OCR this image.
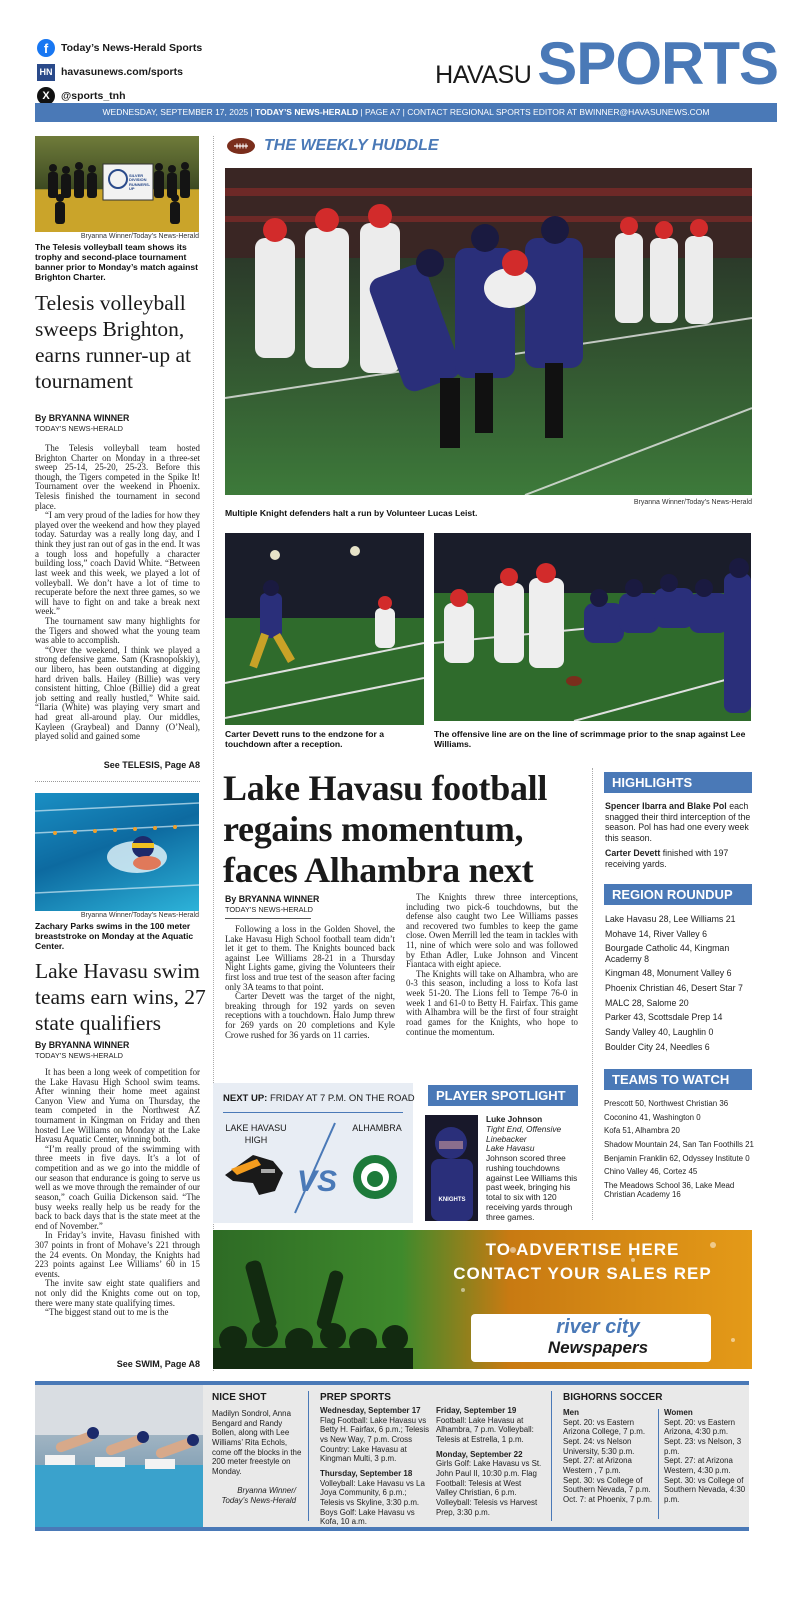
f	Today’s News-Herald Sports
HN havasunews.com/sports
X	@sports_tnh
HAVASU SPORTS
WEDNESDAY, SEPTEMBER 17, 2025 | TODAY’S NEWS-HERALD | PAGE A7 | CONTACT REGIONAL SPORTS EDITOR AT BWINNER@HAVASUNEWS.COM
SILVER DIVISION RUNNERS-UP
Bryanna Winner/Today’s News-Herald
The Telesis volleyball team shows its trophy and second-place tournament banner prior to Monday’s match against Brighton Charter.
Telesis volleyball sweeps Brighton, earns runner-up at tournament
By BRYANNA WINNER
TODAY’S NEWS-HERALD

The Telesis volleyball team hosted Brighton Charter on Monday in a three-set sweep 25-14, 25-20, 25-23. Before this though, the Tigers competed in the Spike It! Tournament over the weekend in Phoenix. Telesis finished the tournament in second place.

“I am very proud of the ladies for how they played over the weekend and how they played today. Saturday was a really long day, and I think they just ran out of gas in the end. It was a tough loss and hopefully a character building loss,” coach David White. “Between last week and this week, we played a lot of volleyball. We don’t have a lot of time to recuperate before the next three games, so we will have to fight on and take a break next week.”

The tournament saw many highlights for the Tigers and showed what the young team was able to accomplish.

“Over the weekend, I think we played a strong defensive game. Sam (Krasnopolskiy), our libero, has been outstanding at digging hard driven balls. Hailey (Billie) was very consistent hitting, Chloe (Billie) did a great job setting and really hustled,” White said. “Ilaria (White) was playing very smart and had great all-around play. Our middles, Kayleen (Graybeal) and Danny (O’Neal), played solid and gained some

See TELESIS, Page A8
Bryanna Winner/Today’s News-Herald
Zachary Parks swims in the 100 meter breaststroke on Monday at the Aquatic Center.
Lake Havasu swim teams earn wins, 27 state qualifiers
By BRYANNA WINNER
TODAY’S NEWS-HERALD

It has been a long week of competition for the Lake Havasu High School swim teams. After winning their home meet against Canyon View and Yuma on Thursday, the team competed in the Northwest AZ tournament in Kingman on Friday and then hosted Lee Williams on Monday at the Lake Havasu Aquatic Center, winning both.

“I’m really proud of the swimming with three meets in five days. It’s a lot of competition and as we go into the middle of our season that endurance is going to serve us well as we move through the remainder of our season,” coach Guilia Dickenson said. “The busy weeks really help us be ready for the back to back days that is the state meet at the end of November.”

In Friday’s invite, Havasu finished with 307 points in front of Mohave’s 221 through the 24 events. On Monday, the Knights had 223 points against Lee Williams’ 60 in 15 events.

The invite saw eight state qualifiers and not only did the Knights come out on top, there were many state qualifying times.

“The biggest stand out to me is the

See SWIM, Page A8
THE WEEKLY HUDDLE
Bryanna Winner/Today’s News-Herald
Multiple Knight defenders halt a run by Volunteer Lucas Leist.
Carter Devett runs to the endzone for a touchdown after a reception.
The offensive line are on the line of scrimmage prior to the snap against Lee Williams.
Lake Havasu football regains momentum, faces Alhambra next
By BRYANNA WINNER
TODAY’S NEWS-HERALD

Following a loss in the Golden Shovel, the Lake Havasu High School football team didn’t let it get to them. The Knights bounced back against Lee Williams 28-21 in a Thursday Night Lights game, giving the Volunteers their first loss and true test of the season after facing only 3A teams to that point.

Carter Devett was the target of the night, breaking through for 192 yards on seven receptions with a touchdown. Halo Jump threw for 269 yards on 20 completions and Kyle Crowe rushed for 36 yards on 11 carries.

The Knights threw three interceptions, including two pick-6 touchdowns, but the defense also caught two Lee Williams passes and recovered two fumbles to keep the game close. Owen Merrill led the team in tackles with 11, nine of which were solo and was followed by Ethan Adler, Luke Johnson and Vincent Fiantaca with eight apiece.

The Knights will take on Alhambra, who are 0-3 this season, including a loss to Kofa last week 51-20. The Lions fell to Tempe 76-0 in week 1 and 61-0 to Betty H. Fairfax. This game with Alhambra will be the first of four straight road games for the Knights, who hope to continue the momentum.

NEXT UP: FRIDAY AT 7 P.M. ON THE ROAD
LAKE HAVASU HIGH
ALHAMBRA
VS
PLAYER SPOTLIGHT
KNIGHTS
Luke Johnson
Tight End, Offensive Linebacker
Lake Havasu
Johnson scored three rushing touchdowns against Lee Williams this past week, bringing his total to six with 120 receiving yards through three games.
HIGHLIGHTS
Spencer Ibarra and Blake Pol each snagged their third interception of the season. Pol has had one every week this season.
Carter Devett finished with 197 receiving yards.
REGION ROUNDUP
Lake Havasu 28, Lee Williams 21
Mohave 14, River Valley 6
Bourgade Catholic 44, Kingman Academy 8
Kingman 48, Monument Valley 6
Phoenix Christian 46, Desert Star 7
MALC 28, Salome 20
Parker 43, Scottsdale Prep 14
Sandy Valley 40, Laughlin 0
Boulder City 24, Needles 6
TEAMS TO WATCH
Prescott 50, Northwest Christian 36
Coconino 41, Washington 0
Kofa 51, Alhambra 20
Shadow Mountain 24, San Tan Foothills 21
Benjamin Franklin 62, Odyssey Institute 0
Chino Valley 46, Cortez 45
The Meadows School 36, Lake Mead Christian Academy 16
TO ADVERTISE HERE
CONTACT YOUR SALES REP
river city
Newspapers
NICE SHOT
Madilyn Sondrol, Anna Bengard and Randy Bollen, along with Lee Williams’ Rita Echols, come off the blocks in the 200 meter freestyle on Monday.
Bryanna Winner/ Today’s News-Herald
PREP SPORTS
Wednesday, September 17
Flag Football: Lake Havasu vs Betty H. Fairfax, 6 p.m.; Telesis vs New Way, 7 p.m. Cross Country: Lake Havasu at Kingman Multi, 3 p.m.
Thursday, September 18
Volleyball: Lake Havasu vs La Joya Community, 6 p.m.; Telesis vs Skyline, 3:30 p.m. Boys Golf: Lake Havasu vs Kofa, 10 a.m.
Friday, September 19
Football: Lake Havasu at Alhambra, 7 p.m. Volleyball: Telesis at Estrella, 1 p.m.
Monday, September 22
Girls Golf: Lake Havasu vs St. John Paul II, 10:30 p.m. Flag Football: Telesis at West Valley Christian, 6 p.m. Volleyball: Telesis vs Harvest Prep, 3:30 p.m.
BIGHORNS SOCCER
Men
Sept. 20: vs Eastern Arizona College, 7 p.m.
Sept. 24: vs Nelson University, 5:30 p.m.
Sept. 27: at Arizona Western , 7 p.m.
Sept. 30: vs College of Southern Nevada, 7 p.m.
Oct. 7: at Phoenix, 7 p.m.
Women
Sept. 20: vs Eastern Arizona, 4:30 p.m.
Sept. 23: vs Nelson, 3 p.m.
Sept. 27: at Arizona Western, 4:30 p.m.
Sept. 30: vs College of Southern Nevada, 4:30 p.m.
